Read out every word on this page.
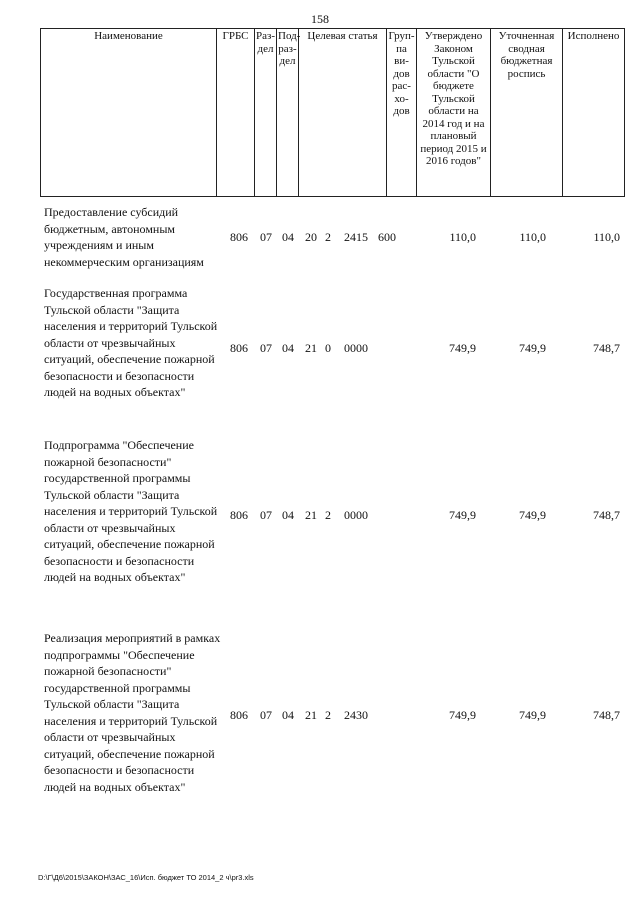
158
Наименование	ГРБС	Раз-дел	Под-раз-дел	Целевая статья	Груп-па ви-дов рас-хо-дов	Утверждено Законом Тульской области "О бюджете Тульской области на 2014 год и на плановый период 2015 и 2016 годов"	Уточненная сводная бюджетная роспись	Исполнено
Предоставление субсидий бюджетным, автономным учреждениям и иным некоммерческим организациям
806 07 04 20 2	2415 600	110,0	110,0	110,0
Государственная программа Тульской области "Защита населения и территорий Тульской области от чрезвычайных ситуаций, обеспечение пожарной безопасности и безопасности людей на водных объектах"
806 07 04 21 0	0000	749,9	749,9	748,7
Подпрограмма "Обеспечение пожарной безопасности" государственной программы Тульской области "Защита населения и территорий Тульской области от чрезвычайных ситуаций, обеспечение пожарной безопасности и безопасности людей на водных объектах"
806 07 04 21 2	0000	749,9	749,9	748,7
Реализация мероприятий в рамках подпрограммы "Обеспечение пожарной безопасности" государственной программы Тульской области "Защита населения и территорий Тульской области от чрезвычайных ситуаций, обеспечение пожарной безопасности и безопасности людей на водных объектах"
806 07 04 21 2	2430	749,9	749,9	748,7
D:\Г\Д6\2015\ЗАКОН\ЗАС_16\Исп. бюджет ТО 2014_2 ч\pr3.xls
